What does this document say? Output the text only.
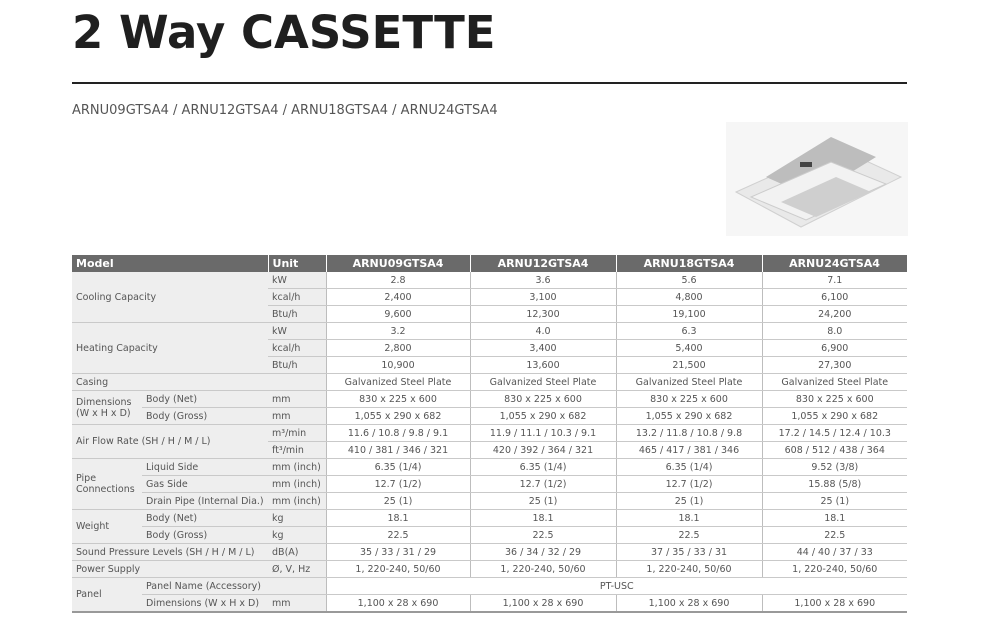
2 Way CASSETTE
ARNU09GTSA4 / ARNU12GTSA4 / ARNU18GTSA4 / ARNU24GTSA4
Model		Unit	ARNU09GTSA4	ARNU12GTSA4	ARNU18GTSA4	ARNU24GTSA4
Cooling Capacity		kW	2.8	3.6	5.6	7.1
		kcal/h	2,400	3,100	4,800	6,100
		Btu/h	9,600	12,300	19,100	24,200
Heating Capacity		kW	3.2	4.0	6.3	8.0
		kcal/h	2,800	3,400	5,400	6,900
		Btu/h	10,900	13,600	21,500	27,300
Casing			Galvanized Steel Plate	Galvanized Steel Plate	Galvanized Steel Plate	Galvanized Steel Plate
Dimensions (W x H x D)	Body (Net)	mm	830 x 225 x 600	830 x 225 x 600	830 x 225 x 600	830 x 225 x 600
	Body (Gross)	mm	1,055 x 290 x 682	1,055 x 290 x 682	1,055 x 290 x 682	1,055 x 290 x 682
Air Flow Rate (SH / H / M / L)		m³/min	11.6 / 10.8 / 9.8 / 9.1	11.9 / 11.1 / 10.3 / 9.1	13.2 / 11.8 / 10.8 / 9.8	17.2 / 14.5 / 12.4 / 10.3
		ft³/min	410 / 381 / 346 / 321	420 / 392 / 364 / 321	465 / 417 / 381 / 346	608 / 512 / 438 / 364
Pipe Connections	Liquid Side	mm (inch)	6.35 (1/4)	6.35 (1/4)	6.35 (1/4)	9.52 (3/8)
	Gas Side	mm (inch)	12.7 (1/2)	12.7 (1/2)	12.7 (1/2)	15.88 (5/8)
	Drain Pipe (Internal Dia.)	mm (inch)	25 (1)	25 (1)	25 (1)	25 (1)
Weight	Body (Net)	kg	18.1	18.1	18.1	18.1
	Body (Gross)	kg	22.5	22.5	22.5	22.5
Sound Pressure Levels (SH / H / M / L)		dB(A)	35 / 33 / 31 / 29	36 / 34 / 32 / 29	37 / 35 / 33 / 31	44 / 40 / 37 / 33
Power Supply		Ø, V, Hz	1, 220-240, 50/60	1, 220-240, 50/60	1, 220-240, 50/60	1, 220-240, 50/60
Panel	Panel Name (Accessory)		PT-USC			
	Dimensions (W x H x D)	mm	1,100 x 28 x 690	1,100 x 28 x 690	1,100 x 28 x 690	1,100 x 28 x 690
